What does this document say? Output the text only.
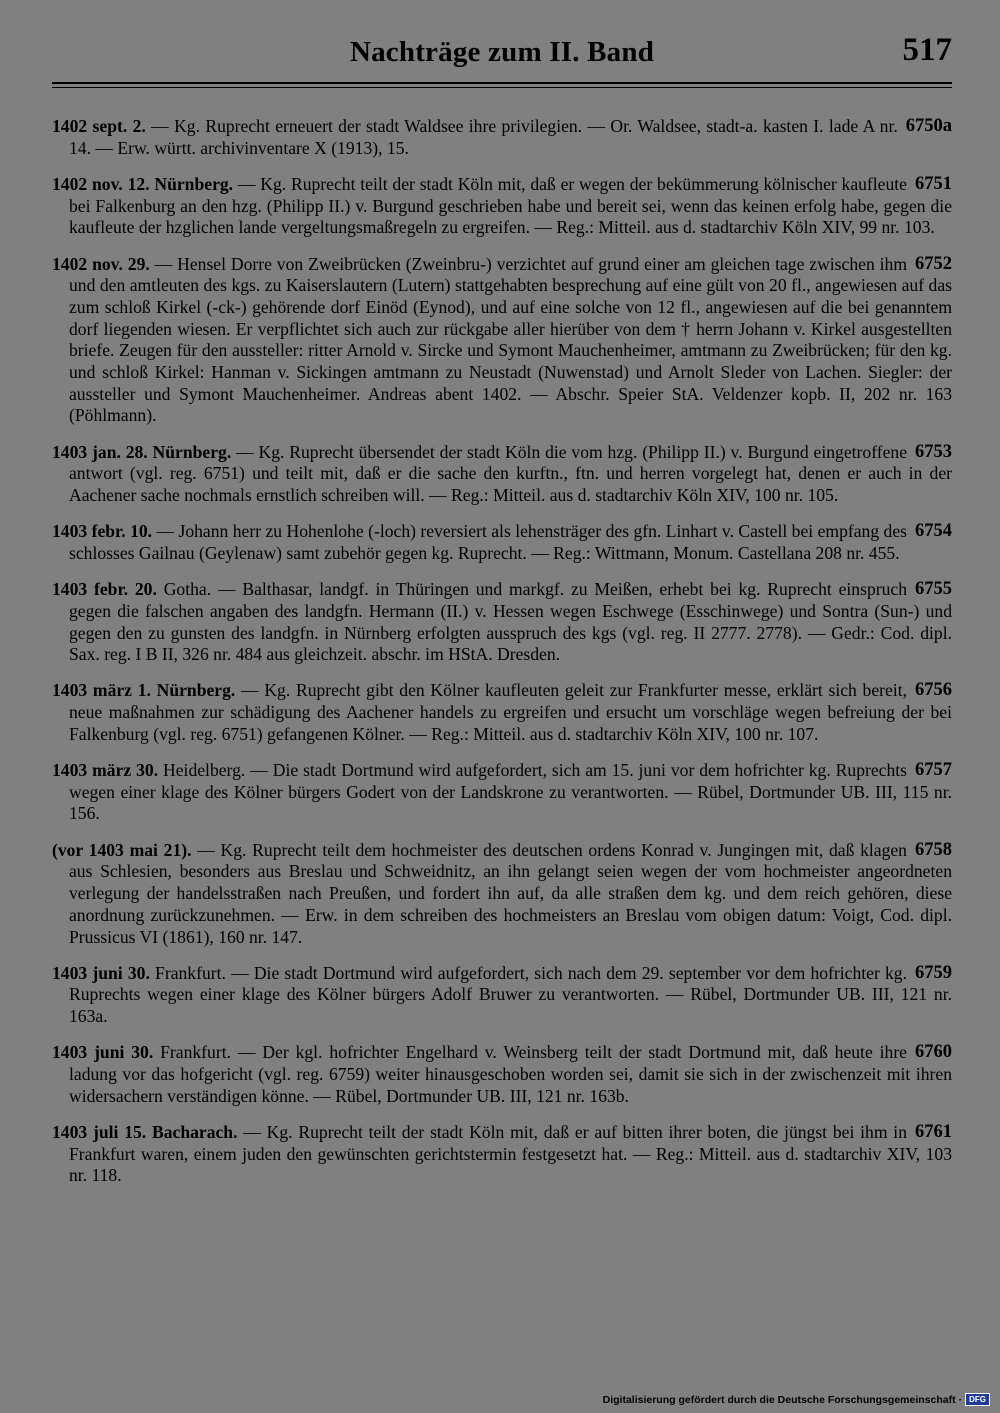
Nachträge zum II. Band	517
6750a
1402 sept. 2. — Kg. Ruprecht erneuert der stadt Waldsee ihre privilegien. — Or. Waldsee, stadt-a. kasten I. lade A nr. 14. — Erw. württ. archivinventare X (1913), 15.
6751
1402 nov. 12. Nürnberg. — Kg. Ruprecht teilt der stadt Köln mit, daß er wegen der bekümmerung kölnischer kaufleute bei Falkenburg an den hzg. (Philipp II.) v. Burgund geschrieben habe und bereit sei, wenn das keinen erfolg habe, gegen die kaufleute der hzglichen lande vergeltungsmaßregeln zu ergreifen. — Reg.: Mitteil. aus d. stadtarchiv Köln XIV, 99 nr. 103.
6752
1402 nov. 29. — Hensel Dorre von Zweibrücken (Zweinbru-) verzichtet auf grund einer am gleichen tage zwischen ihm und den amtleuten des kgs. zu Kaiserslautern (Lutern) stattgehabten besprechung auf eine gült von 20 fl., angewiesen auf das zum schloß Kirkel (-ck-) gehörende dorf Einöd (Eynod), und auf eine solche von 12 fl., angewiesen auf die bei genanntem dorf liegenden wiesen. Er verpflichtet sich auch zur rückgabe aller hierüber von dem † herrn Johann v. Kirkel ausgestellten briefe. Zeugen für den aussteller: ritter Arnold v. Sircke und Symont Mauchenheimer, amtmann zu Zweibrücken; für den kg. und schloß Kirkel: Hanman v. Sickingen amtmann zu Neustadt (Nuwenstad) und Arnolt Sleder von Lachen. Siegler: der aussteller und Symont Mauchenheimer. Andreas abent 1402. — Abschr. Speier StA. Veldenzer kopb. II, 202 nr. 163 (Pöhlmann).
6753
1403 jan. 28. Nürnberg. — Kg. Ruprecht übersendet der stadt Köln die vom hzg. (Philipp II.) v. Burgund eingetroffene antwort (vgl. reg. 6751) und teilt mit, daß er die sache den kurftn., ftn. und herren vorgelegt hat, denen er auch in der Aachener sache nochmals ernstlich schreiben will. — Reg.: Mitteil. aus d. stadtarchiv Köln XIV, 100 nr. 105.
6754
1403 febr. 10. — Johann herr zu Hohenlohe (-loch) reversiert als lehensträger des gfn. Linhart v. Castell bei empfang des schlosses Gailnau (Geylenaw) samt zubehör gegen kg. Ruprecht. — Reg.: Wittmann, Monum. Castellana 208 nr. 455.
6755
1403 febr. 20. Gotha. — Balthasar, landgf. in Thüringen und markgf. zu Meißen, erhebt bei kg. Ruprecht einspruch gegen die falschen angaben des landgfn. Hermann (II.) v. Hessen wegen Eschwege (Esschinwege) und Sontra (Sun-) und gegen den zu gunsten des landgfn. in Nürnberg erfolgten ausspruch des kgs (vgl. reg. II 2777. 2778). — Gedr.: Cod. dipl. Sax. reg. I B II, 326 nr. 484 aus gleichzeit. abschr. im HStA. Dresden.
6756
1403 märz 1. Nürnberg. — Kg. Ruprecht gibt den Kölner kaufleuten geleit zur Frankfurter messe, erklärt sich bereit, neue maßnahmen zur schädigung des Aachener handels zu ergreifen und ersucht um vorschläge wegen befreiung der bei Falkenburg (vgl. reg. 6751) gefangenen Kölner. — Reg.: Mitteil. aus d. stadtarchiv Köln XIV, 100 nr. 107.
6757
1403 märz 30. Heidelberg. — Die stadt Dortmund wird aufgefordert, sich am 15. juni vor dem hofrichter kg. Ruprechts wegen einer klage des Kölner bürgers Godert von der Landskrone zu verantworten. — Rübel, Dortmunder UB. III, 115 nr. 156.
6758
(vor 1403 mai 21). — Kg. Ruprecht teilt dem hochmeister des deutschen ordens Konrad v. Jungingen mit, daß klagen aus Schlesien, besonders aus Breslau und Schweidnitz, an ihn gelangt seien wegen der vom hochmeister angeordneten verlegung der handelsstraßen nach Preußen, und fordert ihn auf, da alle straßen dem kg. und dem reich gehören, diese anordnung zurückzunehmen. — Erw. in dem schreiben des hochmeisters an Breslau vom obigen datum: Voigt, Cod. dipl. Prussicus VI (1861), 160 nr. 147.
6759
1403 juni 30. Frankfurt. — Die stadt Dortmund wird aufgefordert, sich nach dem 29. september vor dem hofrichter kg. Ruprechts wegen einer klage des Kölner bürgers Adolf Bruwer zu verantworten. — Rübel, Dortmunder UB. III, 121 nr. 163a.
6760
1403 juni 30. Frankfurt. — Der kgl. hofrichter Engelhard v. Weinsberg teilt der stadt Dortmund mit, daß heute ihre ladung vor das hofgericht (vgl. reg. 6759) weiter hinausgeschoben worden sei, damit sie sich in der zwischenzeit mit ihren widersachern verständigen könne. — Rübel, Dortmunder UB. III, 121 nr. 163b.
6761
1403 juli 15. Bacharach. — Kg. Ruprecht teilt der stadt Köln mit, daß er auf bitten ihrer boten, die jüngst bei ihm in Frankfurt waren, einem juden den gewünschten gerichtstermin festgesetzt hat. — Reg.: Mitteil. aus d. stadtarchiv XIV, 103 nr. 118.
Digitalisierung gefördert durch die Deutsche Forschungsgemeinschaft · DFG
